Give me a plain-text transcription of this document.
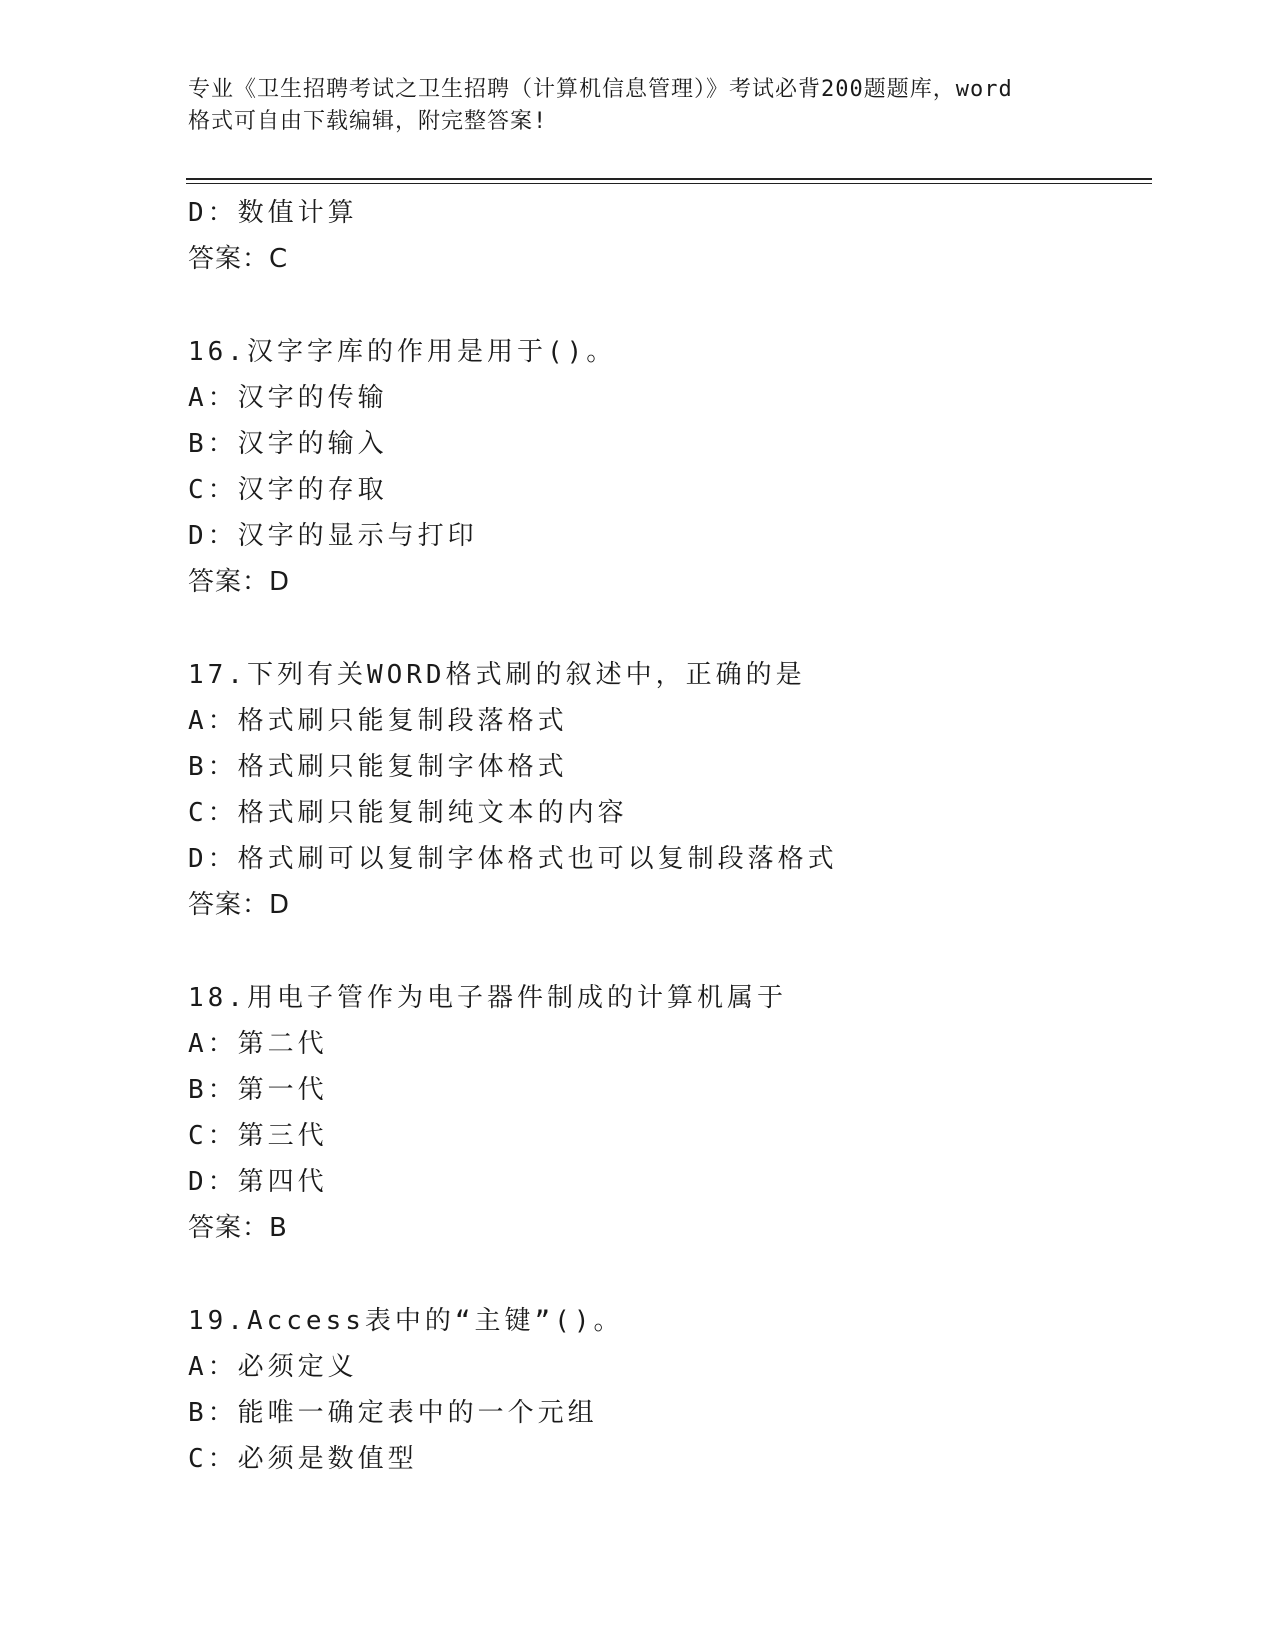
专业《卫生招聘考试之卫生招聘（计算机信息管理）》考试必背200题题库，word
格式可自由下载编辑，附完整答案!
D：数值计算
答案：C
16.汉字字库的作用是用于()。
A：汉字的传输
B：汉字的输入
C：汉字的存取
D：汉字的显示与打印
答案：D
17.下列有关WORD格式刷的叙述中，正确的是
A：格式刷只能复制段落格式
B：格式刷只能复制字体格式
C：格式刷只能复制纯文本的内容
D：格式刷可以复制字体格式也可以复制段落格式
答案：D
18.用电子管作为电子器件制成的计算机属于
A：第二代
B：第一代
C：第三代
D：第四代
答案：B
19.Access表中的“主键”()。
A：必须定义
B：能唯一确定表中的一个元组
C：必须是数值型
